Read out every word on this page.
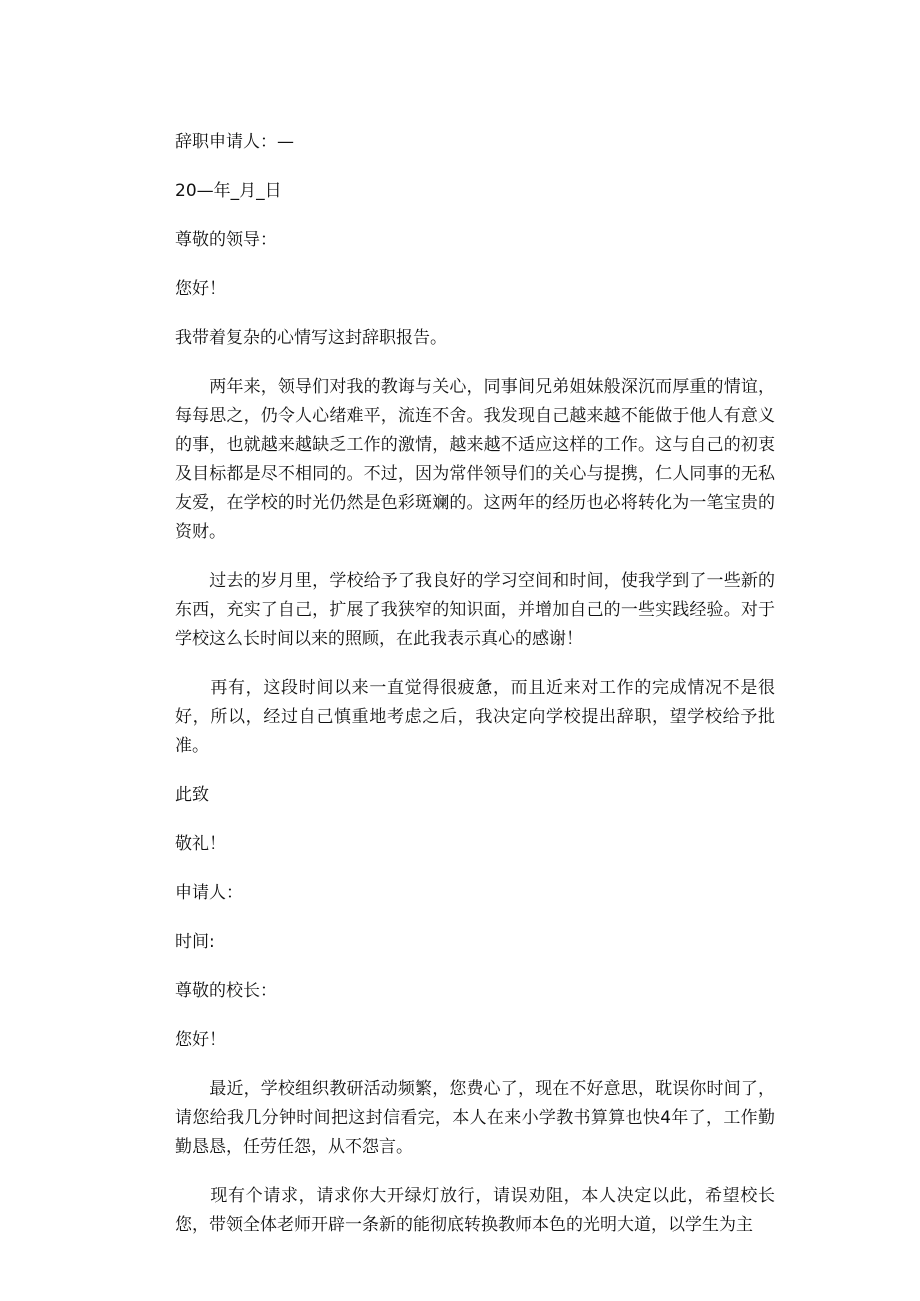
辞职申请人：—
20—年_月_日
尊敬的领导：
您好！
我带着复杂的心情写这封辞职报告。
　　两年来，领导们对我的教诲与关心，同事间兄弟姐妹般深沉而厚重的情谊，每每思之，仍令人心绪难平，流连不舍。我发现自己越来越不能做于他人有意义的事，也就越来越缺乏工作的激情，越来越不适应这样的工作。这与自己的初衷及目标都是尽不相同的。不过，因为常伴领导们的关心与提携，仁人同事的无私友爱，在学校的时光仍然是色彩斑斓的。这两年的经历也必将转化为一笔宝贵的资财。
　　过去的岁月里，学校给予了我良好的学习空间和时间，使我学到了一些新的东西，充实了自己，扩展了我狭窄的知识面，并增加自己的一些实践经验。对于学校这么长时间以来的照顾，在此我表示真心的感谢！
　　再有，这段时间以来一直觉得很疲惫，而且近来对工作的完成情况不是很好，所以，经过自己慎重地考虑之后，我决定向学校提出辞职，望学校给予批准。
此致
敬礼！
申请人：
时间:
尊敬的校长：
您好！
　　最近，学校组织教研活动频繁，您费心了，现在不好意思，耽误你时间了，请您给我几分钟时间把这封信看完，本人在来小学教书算算也快4年了，工作勤勤恳恳，任劳任怨，从不怨言。
　　现有个请求，请求你大开绿灯放行，请误劝阻，本人决定以此，希望校长您，带领全体老师开辟一条新的能彻底转换教师本色的光明大道，以学生为主
